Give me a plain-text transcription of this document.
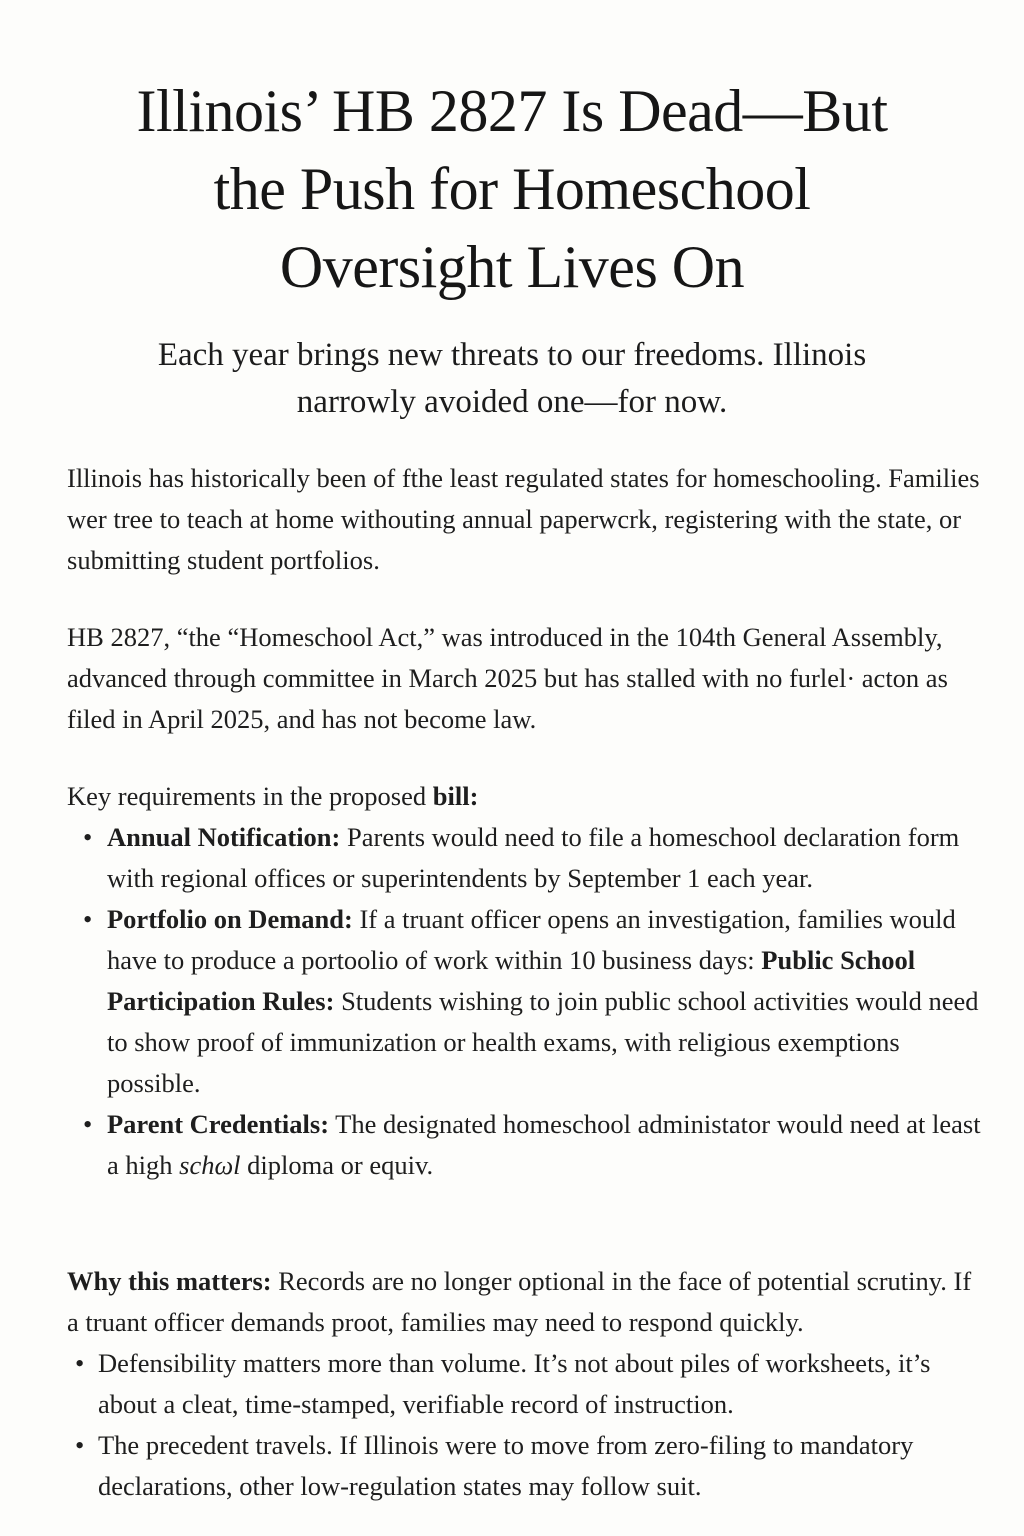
Illinois’ HB 2827 Is Dead—But
the Push for Homeschool
Oversight Lives On
Each year brings new threats to our freedoms. Illinois
narrowly avoided one—for now.

Illinois has historically been of fthe least regulated states for homeschooling. Families wer tree to teach at home withouting annual paperwcrk, registering with the state, or submitting student portfolios.

HB 2827, “the “Homeschool Act,” was introduced in the 104th General Assembly, advanced through committee in March 2025 but has stalled with no furlel· acton as filed in April 2025, and has not become law.

Key requirements in the proposed bill:
• Annual Notification: Parents would need to file a homeschool declaration form with regional offices or superintendents by September 1 each year.
• Portfolio on Demand: If a truant officer opens an investigation, families would have to produce a portoolio of work within 10 business days: Public School Participation Rules: Students wishing to join public school activities would need to show proof of immunization or health exams, with religious exemptions possible.
• Parent Credentials: The designated homeschool administator would need at least a high schωl diploma or equiv.
Why this matters: Records are no longer optional in the face of potential scrutiny. If a truant officer demands proot, families may need to respond quickly.
• Defensibility matters more than volume. It’s not about piles of worksheets, it’s about a cleat, time-stamped, verifiable record of instruction.
• The precedent travels. If Illinois were to move from zero-filing to mandatory declarations, other low-regulation states may follow suit.
